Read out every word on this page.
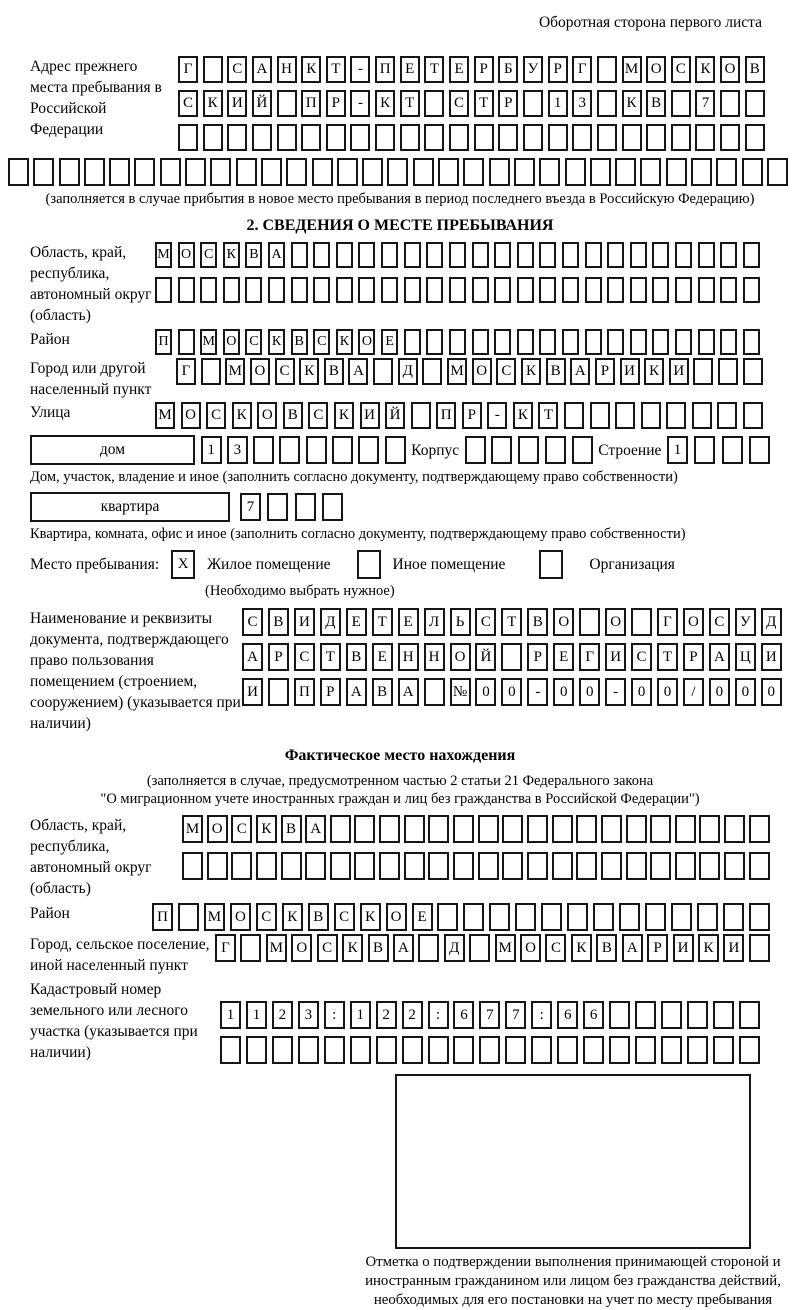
Оборотная сторона первого листа
Адрес прежнего места пребывания в Российской Федерации
Г	С А Н К	Т	-	П Е	Т	Е	Р	Б	У	Р	Г	М О С К О В
С К И Й	П	Р	-	К	Т	С	Т	Р	1	3	К В	7
(заполняется в случае прибытия в новое место пребывания в период последнего въезда в Российскую Федерацию)
2. СВЕДЕНИЯ О МЕСТЕ ПРЕБЫВАНИЯ
Область, край, республика, автономный округ (область)
М О С К В А
Район	П М О С К В С К О Е
Город или другой населенный пункт
Г	М О С К В А	Д	М О С К В А	Р	И К И
Улица	М О	С	К	О	В	С	К	И Й	П	Р	-	К	Т
дом	1	3	Корпус	Строение 1
Дом, участок, владение и иное (заполнить согласно документу, подтверждающему право собственности)
квартира	7
Квартира, комната, офис и иное (заполнить согласно документу, подтверждающему право собственности)
Место пребывания:	X	Жилое помещение	Иное помещение	Организация
(Необходимо выбрать нужное)
Наименование и реквизиты документа, подтверждающего право пользования помещением (строением, сооружением) (указывается при наличии)
С	В	И	Д	Е	Т	Е	Л	Ь	С	Т	В	О	О	Г	О	С	У	Д
А	Р	С	Т	В	Е	Н	Н	О	Й	Р	Е	Г	И	С	Т	Р	А	Ц	И
И	П	Р	А	В	А	№	0	0	-	0	0	-	0	0	/	0	0	0
Фактическое место нахождения
(заполняется в случае, предусмотренном частью 2 статьи 21 Федерального закона
"О миграционном учете иностранных граждан и лиц без гражданства в Российской Федерации")
Область, край, республика, автономный округ (область)
М О С К В А
Район	П	М О	С	К	В	С	К	О	Е
Город, сельское поселение, иной населенный пункт
Г	М О С	К	В	А	Д	М О С	К	В	А	Р	И К	И
Кадастровый номер земельного или лесного участка (указывается при наличии)
1	1	2	3	:	1	2	2	:	6	7	7	:	6	6
Отметка о подтверждении выполнения принимающей стороной и иностранным гражданином или лицом без гражданства действий, необходимых для его постановки на учет по месту пребывания
